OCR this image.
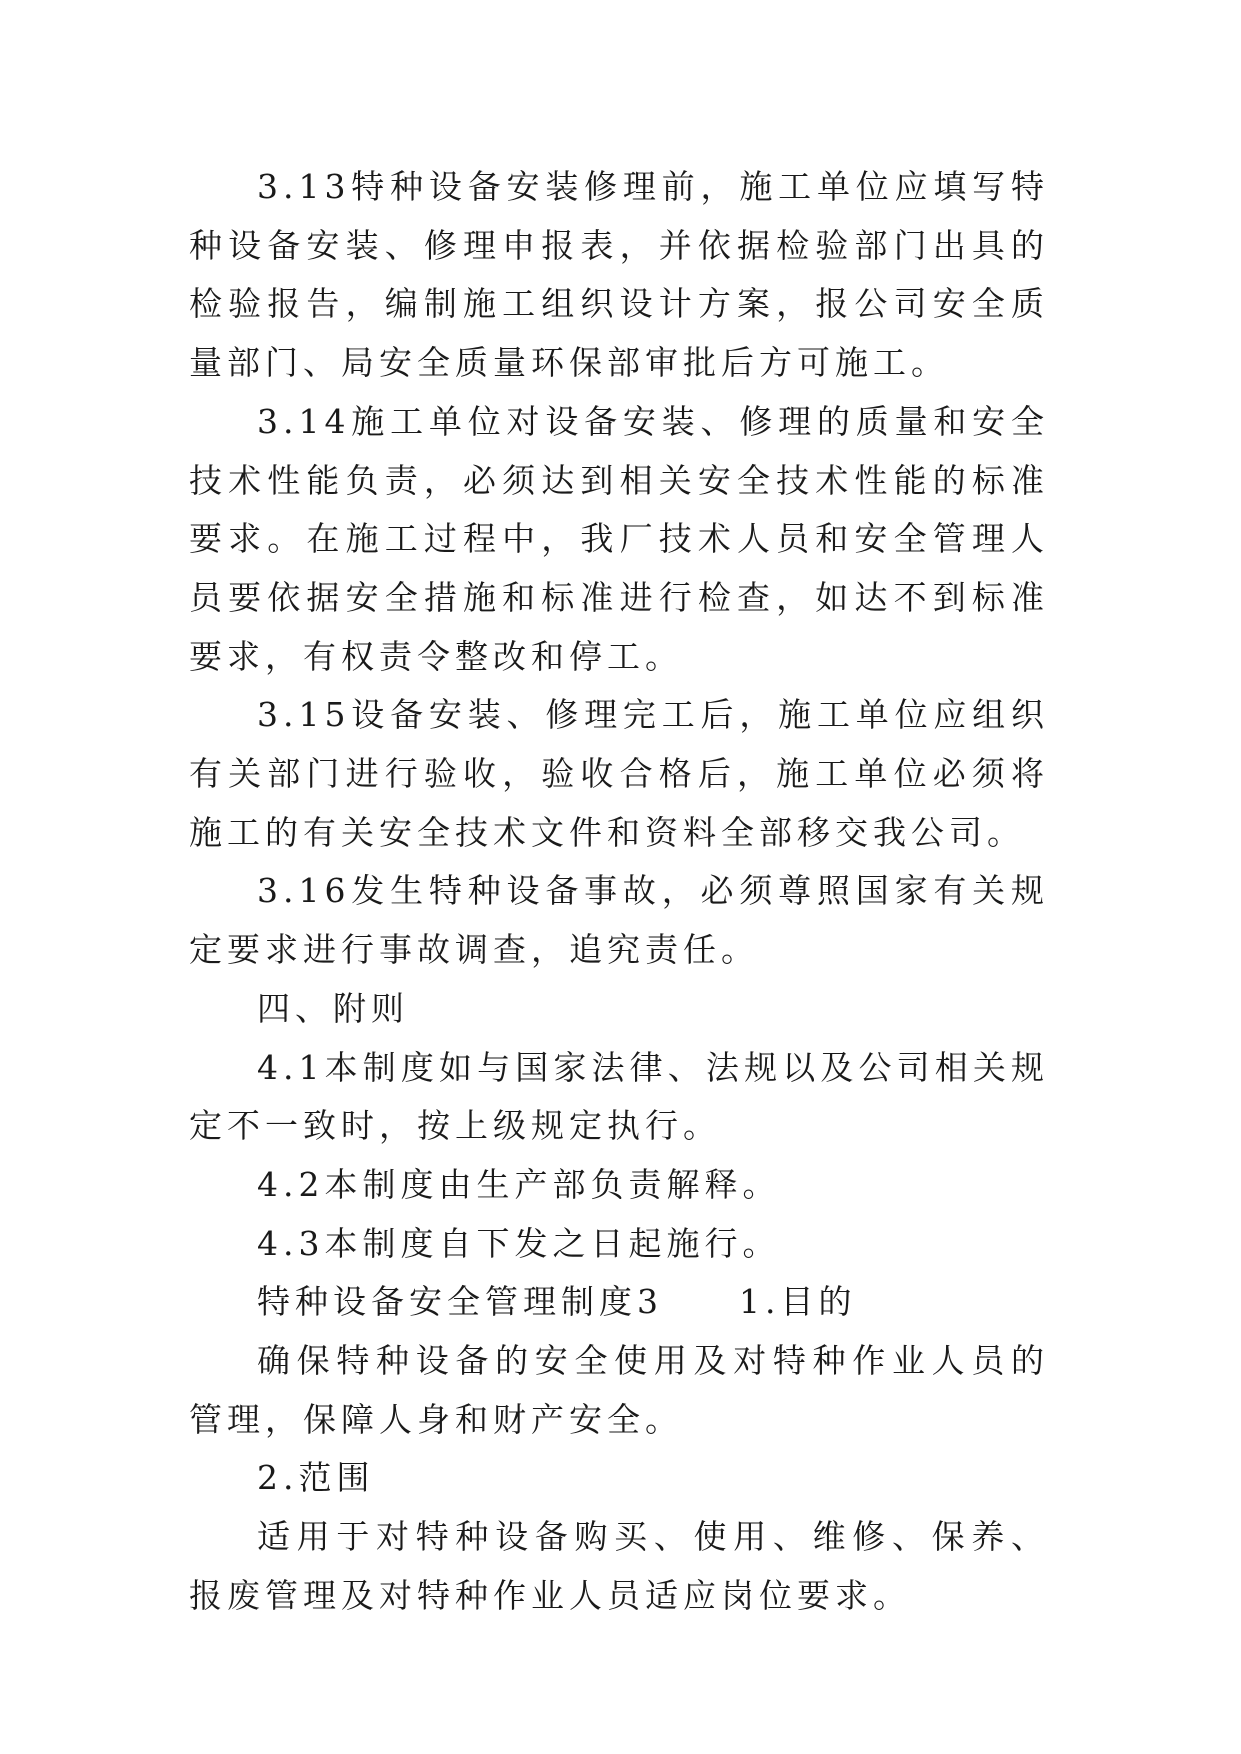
3.13特种设备安装修理前，施工单位应填写特种设备安装、修理申报表，并依据检验部门出具的检验报告，编制施工组织设计方案，报公司安全质量部门、局安全质量环保部审批后方可施工。

3.14施工单位对设备安装、修理的质量和安全技术性能负责，必须达到相关安全技术性能的标准要求。在施工过程中，我厂技术人员和安全管理人员要依据安全措施和标准进行检查，如达不到标准要求，有权责令整改和停工。

3.15设备安装、修理完工后，施工单位应组织有关部门进行验收，验收合格后，施工单位必须将施工的有关安全技术文件和资料全部移交我公司。

3.16发生特种设备事故，必须尊照国家有关规定要求进行事故调查，追究责任。

四、附则

4.1本制度如与国家法律、法规以及公司相关规定不一致时，按上级规定执行。

4.2本制度由生产部负责解释。

4.3本制度自下发之日起施行。

特种设备安全管理制度3　　1.目的

确保特种设备的安全使用及对特种作业人员的管理，保障人身和财产安全。

2.范围

适用于对特种设备购买、使用、维修、保养、报废管理及对特种作业人员适应岗位要求。
